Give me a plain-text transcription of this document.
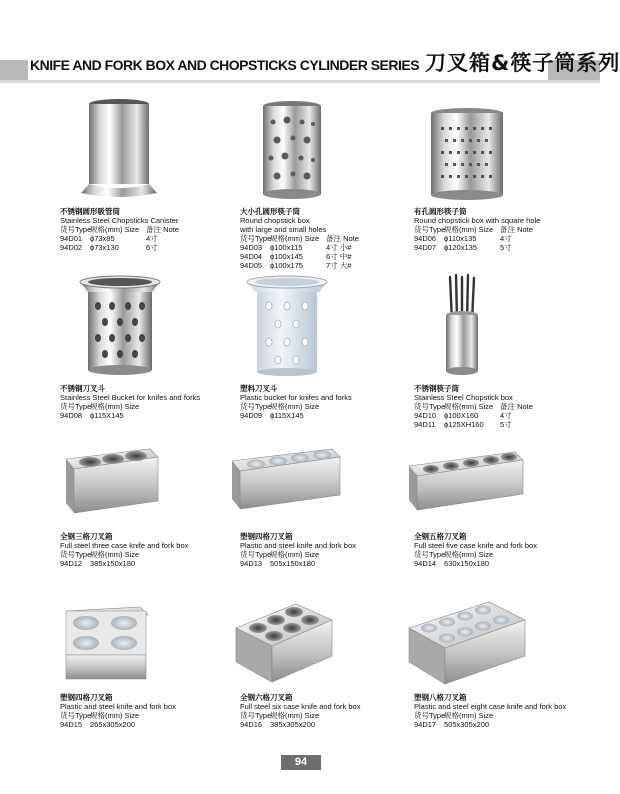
KNIFE AND FORK BOX AND CHOPSTICKS CYLINDER SERIES 刀叉箱&筷子筒系列
不锈钢圆形吸管筒
Stainless Steel Chopsticks Canister
货号Type
规格(mm) Size 备注 Note
94D01	ϕ73x85	4寸
94D02	ϕ73x130	6寸
大小孔圆形筷子筒
Round chopstick box
with large and small holes
货号Type
规格(mm) Size 备注 Note
94D03	ϕ100x115	4寸 小#
94D04	ϕ100x145	6寸 中#
94D05	ϕ100x175	7寸 大#
有孔圆形筷子筒
Round chopstick box with square hole
货号Type
规格(mm) Size 备注 Note
94D06	ϕ110x135	4寸
94D07	ϕ120x135	5寸
不锈钢刀叉斗
Stainless Steel Bucket for knifes and forks
货号Type
规格(mm) Size
94D08	ϕ115X145
塑料刀叉斗
Plastic bucket for knifes and forks
货号Type
规格(mm) Size
94D09	ϕ115X145
不锈钢筷子筒
Stainless Steel Chopstick box
货号Type
规格(mm) Size 备注 Note
94D10	ϕ100X160	4寸
94D11	ϕ125XH160	5寸
全钢三格刀叉箱
Full steel three case knife and fork box
货号Type
规格(mm) Size
94D12	385x150x180
塑钢四格刀叉箱
Plastic and steel knife and fork box
货号Type
规格(mm) Size
94D13	505x150x180
全钢五格刀叉箱
Full steel five case knife and fork box
货号Type
规格(mm) Size
94D14	630x150x180
塑钢四格刀叉箱
Plastic and steel knife and fork box
货号Type
规格(mm) Size
94D15	265x305x200
全钢六格刀叉箱
Full steel six case knife and fork box
货号Type
规格(mm) Size
94D16	385x305x200
塑钢八格刀叉箱
Plastic and steel eight case knife and fork box
货号Type
规格(mm) Size
94D17	505x305x200
94
